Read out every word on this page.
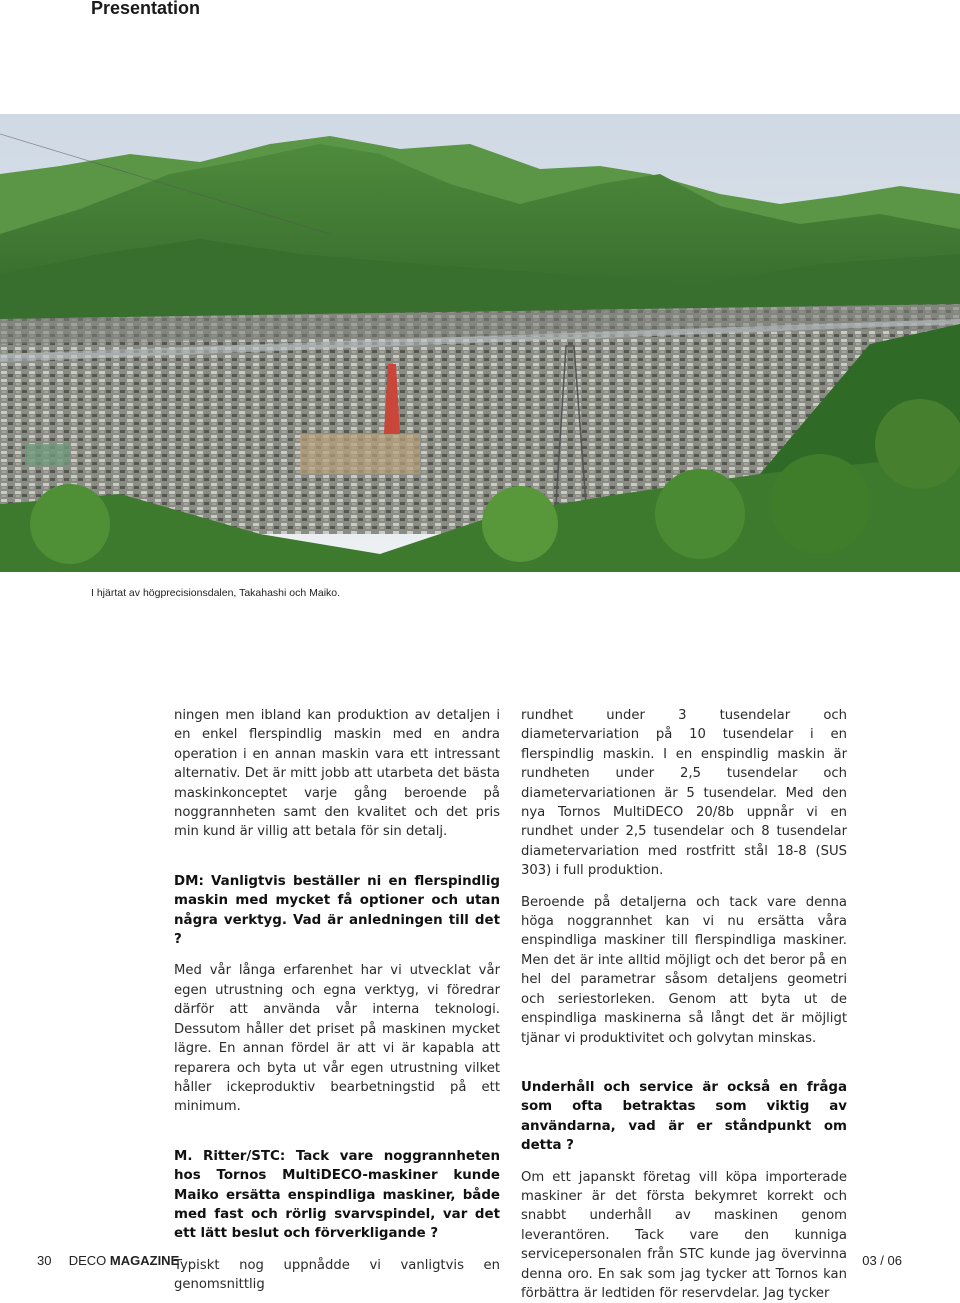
Presentation

I hjärtat av högprecisionsdalen, Takahashi och Maiko.

ningen men ibland kan produktion av detaljen i en enkel flerspindlig maskin med en andra operation i en annan maskin vara ett intressant alternativ. Det är mitt jobb att utarbeta det bästa maskinkonceptet varje gång beroende på noggrannheten samt den kvalitet och det pris min kund är villig att betala för sin detalj.

DM: Vanligtvis beställer ni en flerspindlig maskin med mycket få optioner och utan några verktyg. Vad är anledningen till det ?

Med vår långa erfarenhet har vi utvecklat vår egen utrustning och egna verktyg, vi föredrar därför att använda vår interna teknologi. Dessutom håller det priset på maskinen mycket lägre. En annan fördel är att vi är kapabla att reparera och byta ut vår egen utrustning vilket håller ickeproduktiv bearbetningstid på ett minimum.

M. Ritter/STC: Tack vare noggrannheten hos Tornos MultiDECO-maskiner kunde Maiko ersätta enspindliga maskiner, både med fast och rörlig svarvspindel, var det ett lätt beslut och förverkligande ?

Typiskt nog uppnådde vi vanligtvis en genomsnittlig

rundhet under 3 tusendelar och diametervariation på 10 tusendelar i en flerspindlig maskin. I en enspindlig maskin är rundheten under 2,5 tusendelar och diametervariationen är 5 tusendelar. Med den nya Tornos MultiDECO 20/8b uppnår vi en rundhet under 2,5 tusendelar och 8 tusendelar diametervariation med rostfritt stål 18-8 (SUS 303) i full produktion.

Beroende på detaljerna och tack vare denna höga noggrannhet kan vi nu ersätta våra enspindliga maskiner till flerspindliga maskiner. Men det är inte alltid möjligt och det beror på en hel del parametrar såsom detaljens geometri och seriestorleken. Genom att byta ut de enspindliga maskinerna så långt det är möjligt tjänar vi produktivitet och golvytan minskas.

Underhåll och service är också en fråga som ofta betraktas som viktig av användarna, vad är er ståndpunkt om detta ?

Om ett japanskt företag vill köpa importerade maskiner är det första bekymret korrekt och snabbt underhåll av maskinen genom leverantören. Tack vare den kunniga servicepersonalen från STC kunde jag övervinna denna oro. En sak som jag tycker att Tornos kan förbättra är ledtiden för reservdelar. Jag tycker

30 DECO MAGAZINE	03 / 06
